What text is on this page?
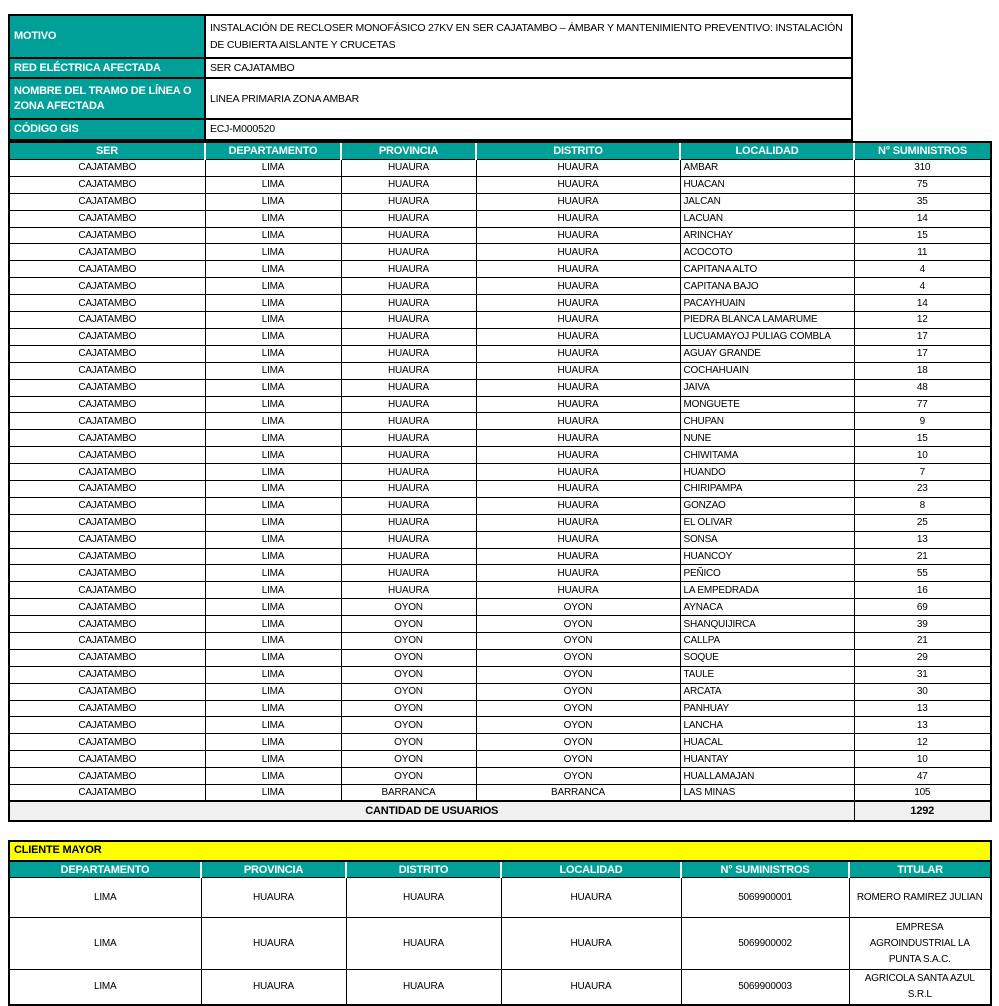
MOTIVO	INSTALACIÓN DE RECLOSER MONOFÁSICO 27KV EN SER CAJATAMBO – ÁMBAR Y MANTENIMIENTO PREVENTIVO: INSTALACIÓN DE CUBIERTA AISLANTE Y CRUCETAS
RED ELÉCTRICA AFECTADA	SER CAJATAMBO
NOMBRE DEL TRAMO DE LÍNEA O ZONA AFECTADA	LINEA PRIMARIA ZONA AMBAR
CÓDIGO GIS	ECJ-M000520
SER	DEPARTAMENTO	PROVINCIA	DISTRITO	LOCALIDAD	N° SUMINISTROS
CAJATAMBO	LIMA	HUAURA	HUAURA	AMBAR	310
CAJATAMBO	LIMA	HUAURA	HUAURA	HUACAN	75
CAJATAMBO	LIMA	HUAURA	HUAURA	JALCAN	35
CAJATAMBO	LIMA	HUAURA	HUAURA	LACUAN	14
CAJATAMBO	LIMA	HUAURA	HUAURA	ARINCHAY	15
CAJATAMBO	LIMA	HUAURA	HUAURA	ACOCOTO	11
CAJATAMBO	LIMA	HUAURA	HUAURA	CAPITANA ALTO	4
CAJATAMBO	LIMA	HUAURA	HUAURA	CAPITANA BAJO	4
CAJATAMBO	LIMA	HUAURA	HUAURA	PACAYHUAIN	14
CAJATAMBO	LIMA	HUAURA	HUAURA	PIEDRA BLANCA LAMARUME	12
CAJATAMBO	LIMA	HUAURA	HUAURA	LUCUAMAYOJ PULIAG COMBLA	17
CAJATAMBO	LIMA	HUAURA	HUAURA	AGUAY GRANDE	17
CAJATAMBO	LIMA	HUAURA	HUAURA	COCHAHUAIN	18
CAJATAMBO	LIMA	HUAURA	HUAURA	JAIVA	48
CAJATAMBO	LIMA	HUAURA	HUAURA	MONGUETE	77
CAJATAMBO	LIMA	HUAURA	HUAURA	CHUPAN	9
CAJATAMBO	LIMA	HUAURA	HUAURA	NUNE	15
CAJATAMBO	LIMA	HUAURA	HUAURA	CHIWITAMA	10
CAJATAMBO	LIMA	HUAURA	HUAURA	HUANDO	7
CAJATAMBO	LIMA	HUAURA	HUAURA	CHIRIPAMPA	23
CAJATAMBO	LIMA	HUAURA	HUAURA	GONZAO	8
CAJATAMBO	LIMA	HUAURA	HUAURA	EL OLIVAR	25
CAJATAMBO	LIMA	HUAURA	HUAURA	SONSA	13
CAJATAMBO	LIMA	HUAURA	HUAURA	HUANCOY	21
CAJATAMBO	LIMA	HUAURA	HUAURA	PEÑICO	55
CAJATAMBO	LIMA	HUAURA	HUAURA	LA EMPEDRADA	16
CAJATAMBO	LIMA	OYON	OYON	AYNACA	69
CAJATAMBO	LIMA	OYON	OYON	SHANQUIJIRCA	39
CAJATAMBO	LIMA	OYON	OYON	CALLPA	21
CAJATAMBO	LIMA	OYON	OYON	SOQUE	29
CAJATAMBO	LIMA	OYON	OYON	TAULE	31
CAJATAMBO	LIMA	OYON	OYON	ARCATA	30
CAJATAMBO	LIMA	OYON	OYON	PANHUAY	13
CAJATAMBO	LIMA	OYON	OYON	LANCHA	13
CAJATAMBO	LIMA	OYON	OYON	HUACAL	12
CAJATAMBO	LIMA	OYON	OYON	HUANTAY	10
CAJATAMBO	LIMA	OYON	OYON	HUALLAMAJAN	47
CAJATAMBO	LIMA	BARRANCA	BARRANCA	LAS MINAS	105
CANTIDAD DE USUARIOS					1292
CLIENTE MAYOR					
DEPARTAMENTO	PROVINCIA	DISTRITO	LOCALIDAD	N° SUMINISTROS	TITULAR
LIMA	HUAURA	HUAURA	HUAURA	5069900001	ROMERO RAMIREZ JULIAN
LIMA	HUAURA	HUAURA	HUAURA	5069900002	EMPRESA AGROINDUSTRIAL LA PUNTA S.A.C.
LIMA	HUAURA	HUAURA	HUAURA	5069900003	AGRICOLA SANTA AZUL S.R.L
